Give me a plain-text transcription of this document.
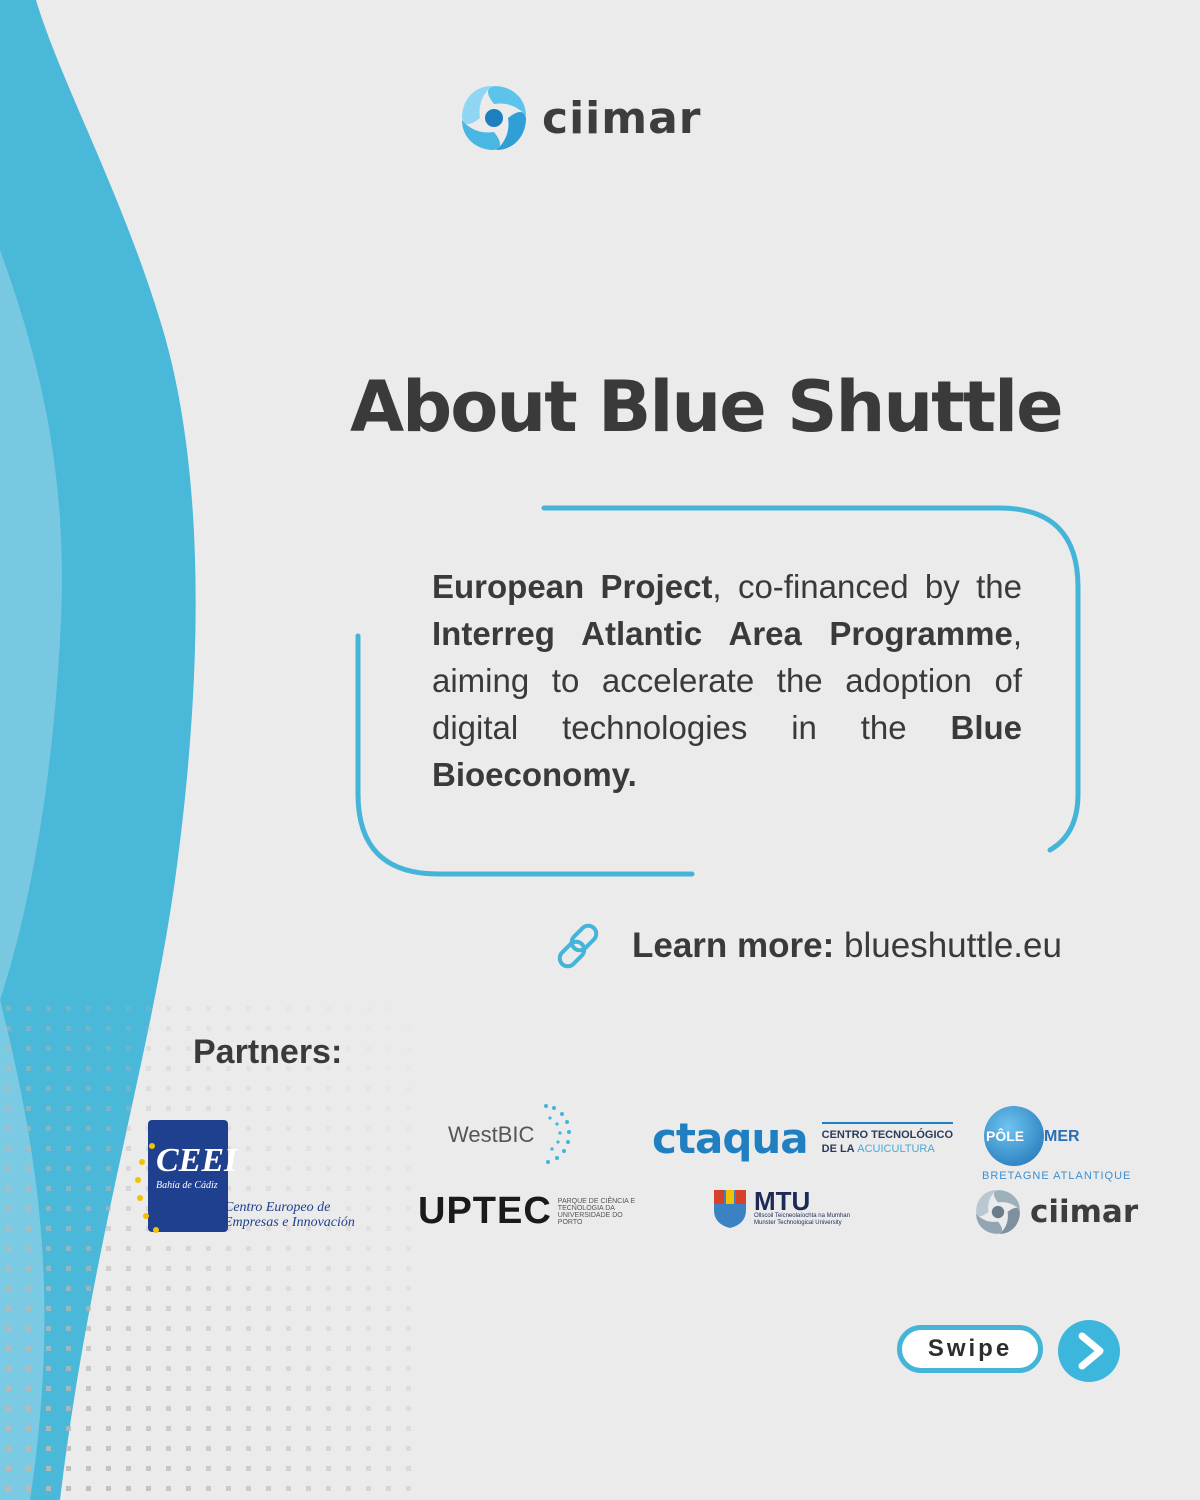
ciimar
About Blue Shuttle

European Project, co-financed by the Interreg Atlantic Area Programme, aiming to accelerate the adoption of digital technologies in the Blue Bioeconomy.

Learn more: blueshuttle.eu
Partners:
CEEI
Bahía de Cádiz
Centro Europeo de
Empresas e Innovación
WestBIC
UPTEC PARQUE DE CIÊNCIA E TECNOLOGIA DA UNIVERSIDADE DO PORTO
ctaqua CENTRO TECNOLÓGICO
DE LA ACUICULTURA
MTU
Ollscoil Teicneolaíochta na Mumhan
Munster Technological University
PÔLE MER
BRETAGNE ATLANTIQUE
ciimar
Swipe
